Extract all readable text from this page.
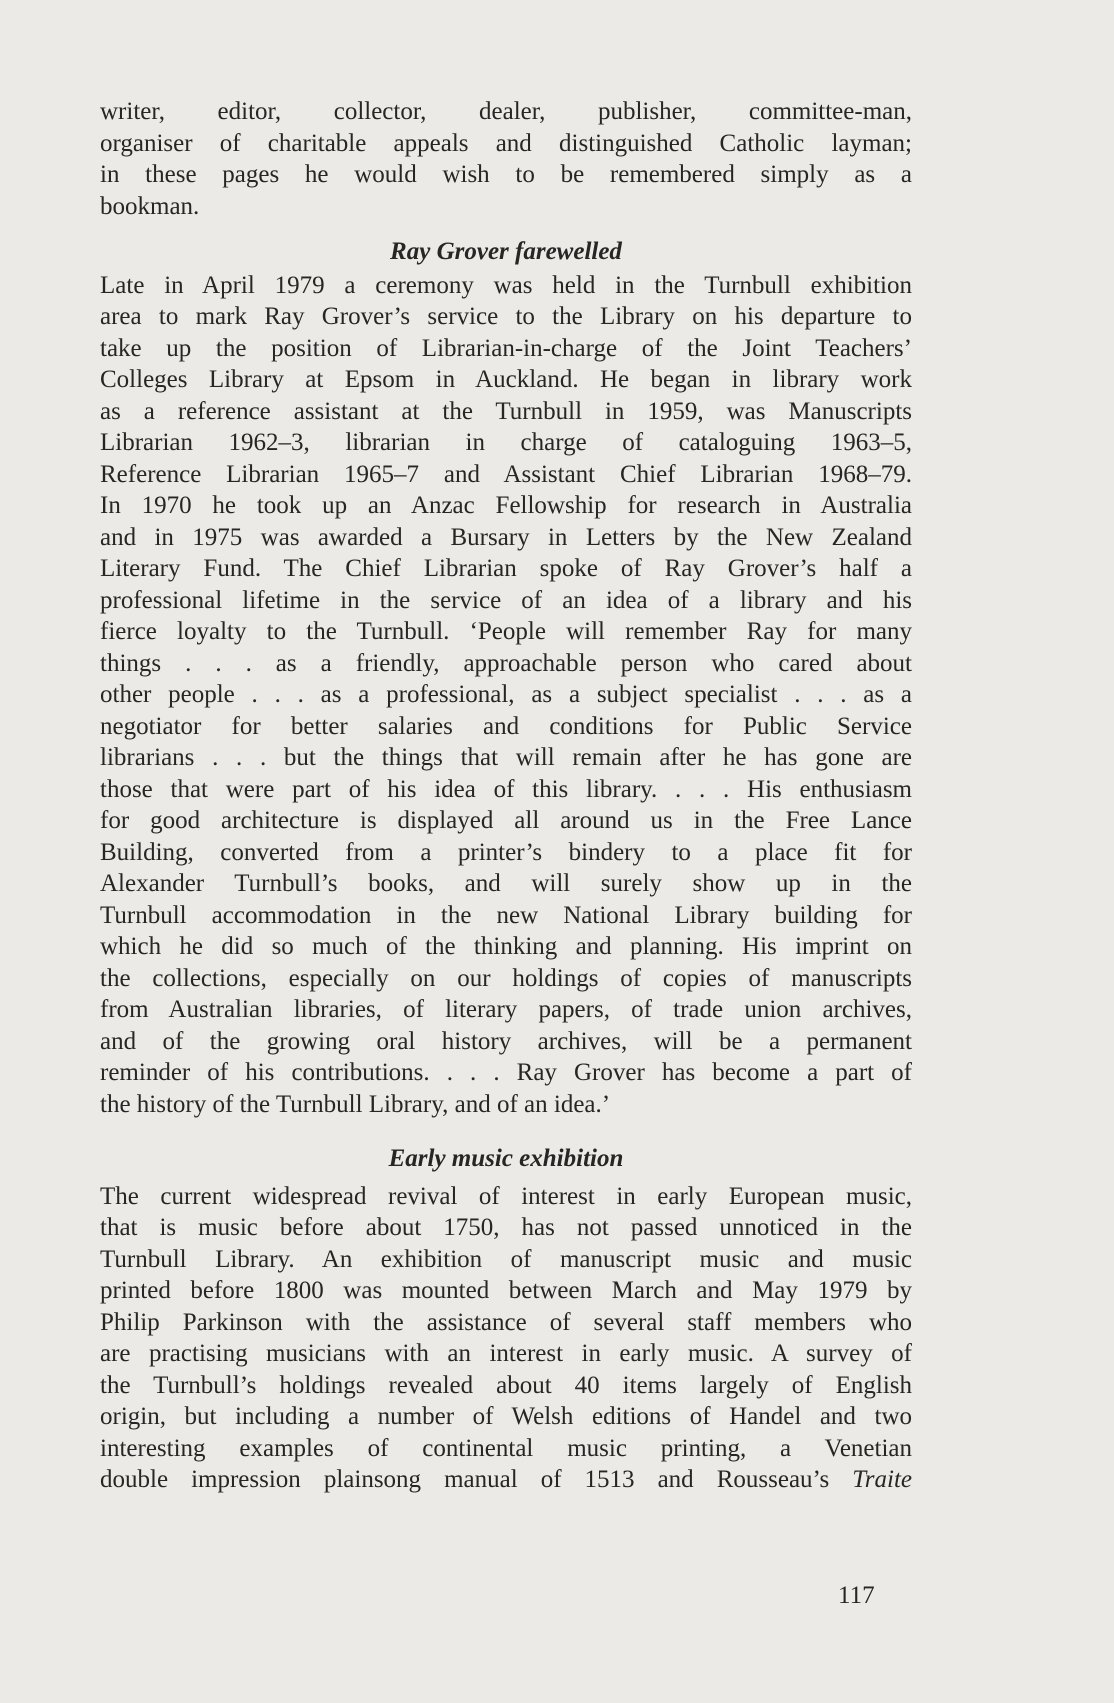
writer, editor, collector, dealer, publisher, committee-man,
organiser of charitable appeals and distinguished Catholic layman;
in these pages he would wish to be remembered simply as a
bookman.

Ray Grover farewelled

Late in April 1979 a ceremony was held in the Turnbull exhibition
area to mark Ray Grover’s service to the Library on his departure to
take up the position of Librarian-in-charge of the Joint Teachers’
Colleges Library at Epsom in Auckland. He began in library work
as a reference assistant at the Turnbull in 1959, was Manuscripts
Librarian 1962–3, librarian in charge of cataloguing 1963–5,
Reference Librarian 1965–7 and Assistant Chief Librarian 1968–79.
In 1970 he took up an Anzac Fellowship for research in Australia
and in 1975 was awarded a Bursary in Letters by the New Zealand
Literary Fund. The Chief Librarian spoke of Ray Grover’s half a
professional lifetime in the service of an idea of a library and his
fierce loyalty to the Turnbull. ‘People will remember Ray for many
things . . . as a friendly, approachable person who cared about
other people . . . as a professional, as a subject specialist . . . as a
negotiator for better salaries and conditions for Public Service
librarians . . . but the things that will remain after he has gone are
those that were part of his idea of this library. . . . His enthusiasm
for good architecture is displayed all around us in the Free Lance
Building, converted from a printer’s bindery to a place fit for
Alexander Turnbull’s books, and will surely show up in the
Turnbull accommodation in the new National Library building for
which he did so much of the thinking and planning. His imprint on
the collections, especially on our holdings of copies of manuscripts
from Australian libraries, of literary papers, of trade union archives,
and of the growing oral history archives, will be a permanent
reminder of his contributions. . . . Ray Grover has become a part of
the history of the Turnbull Library, and of an idea.’

Early music exhibition

The current widespread revival of interest in early European music,
that is music before about 1750, has not passed unnoticed in the
Turnbull Library. An exhibition of manuscript music and music
printed before 1800 was mounted between March and May 1979 by
Philip Parkinson with the assistance of several staff members who
are practising musicians with an interest in early music. A survey of
the Turnbull’s holdings revealed about 40 items largely of English
origin, but including a number of Welsh editions of Handel and two
interesting examples of continental music printing, a Venetian
double impression plainsong manual of 1513 and Rousseau’s Traite

117
